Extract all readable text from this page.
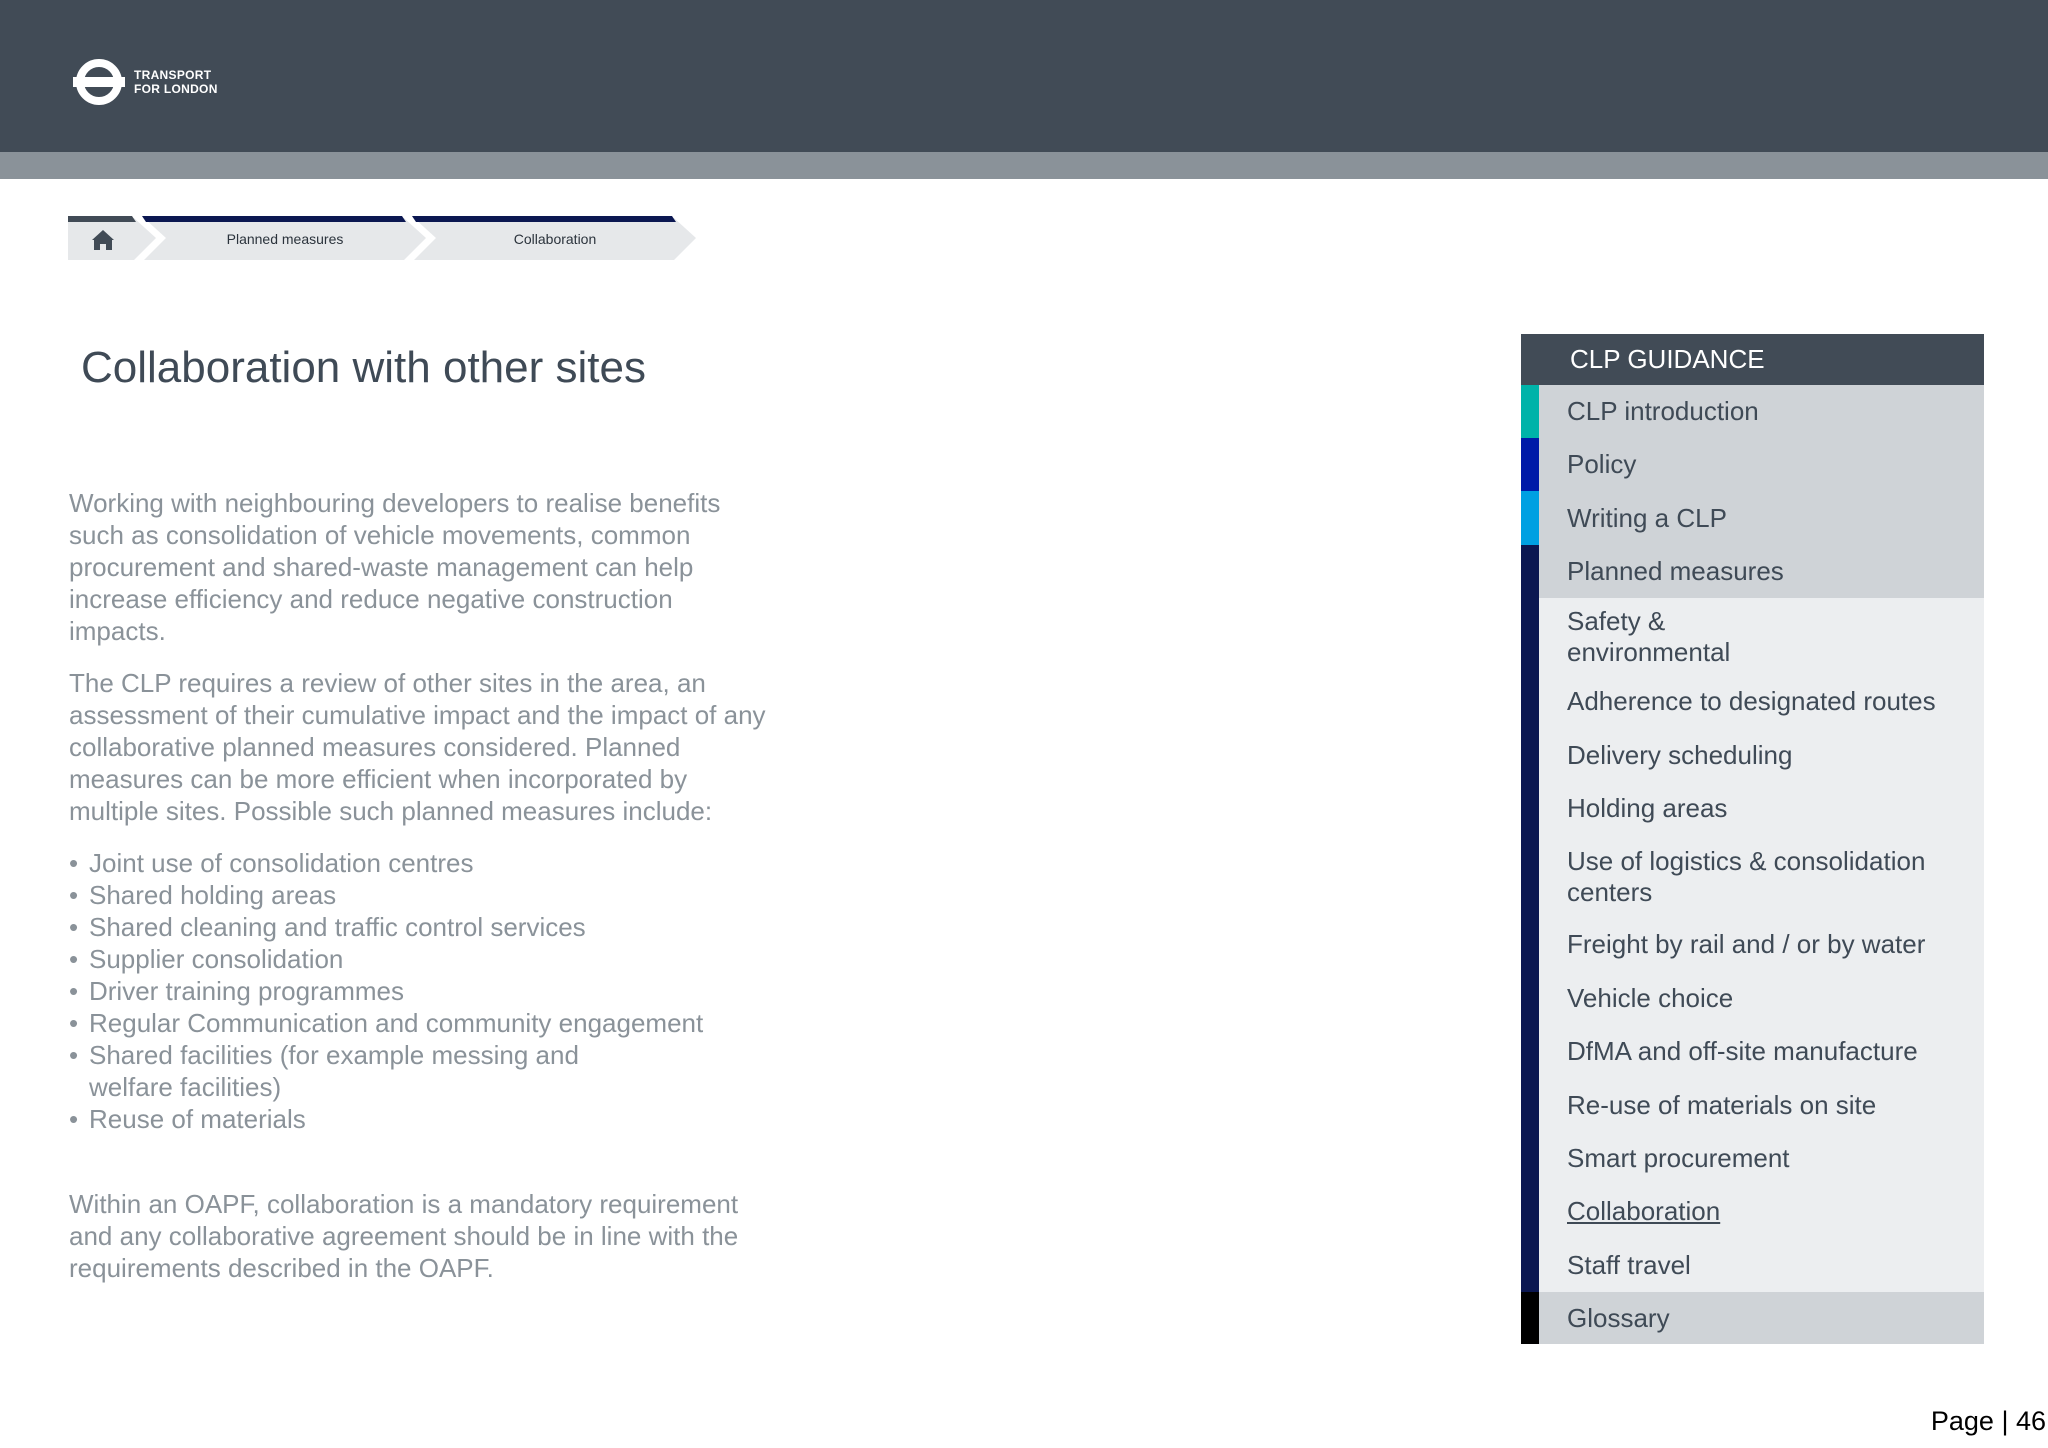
TRANSPORT
FOR LONDON
Planned measures	Collaboration
Collaboration with other sites

Working with neighbouring developers to realise benefits such as consolidation of vehicle movements, common procurement and shared-waste management can help increase efficiency and reduce negative construction impacts.

The CLP requires a review of other sites in the area, an assessment of their cumulative impact and the impact of any collaborative planned measures considered. Planned measures can be more efficient when incorporated by multiple sites. Possible such planned measures include:

• Joint use of consolidation centres
• Shared holding areas
• Shared cleaning and traffic control services
• Supplier consolidation
• Driver training programmes
• Regular Communication and community engagement
• Shared facilities (for example messing and welfare facilities)
• Reuse of materials

Within an OAPF, collaboration is a mandatory requirement and any collaborative agreement should be in line with the requirements described in the OAPF.

CLP GUIDANCE
CLP introduction
Policy
Writing a CLP
Planned measures
Safety & environmental
Adherence to designated routes
Delivery scheduling
Holding areas
Use of logistics & consolidation centers
Freight by rail and / or by water
Vehicle choice
DfMA and off-site manufacture
Re-use of materials on site
Smart procurement
Collaboration
Staff travel
Glossary
Page | 46
